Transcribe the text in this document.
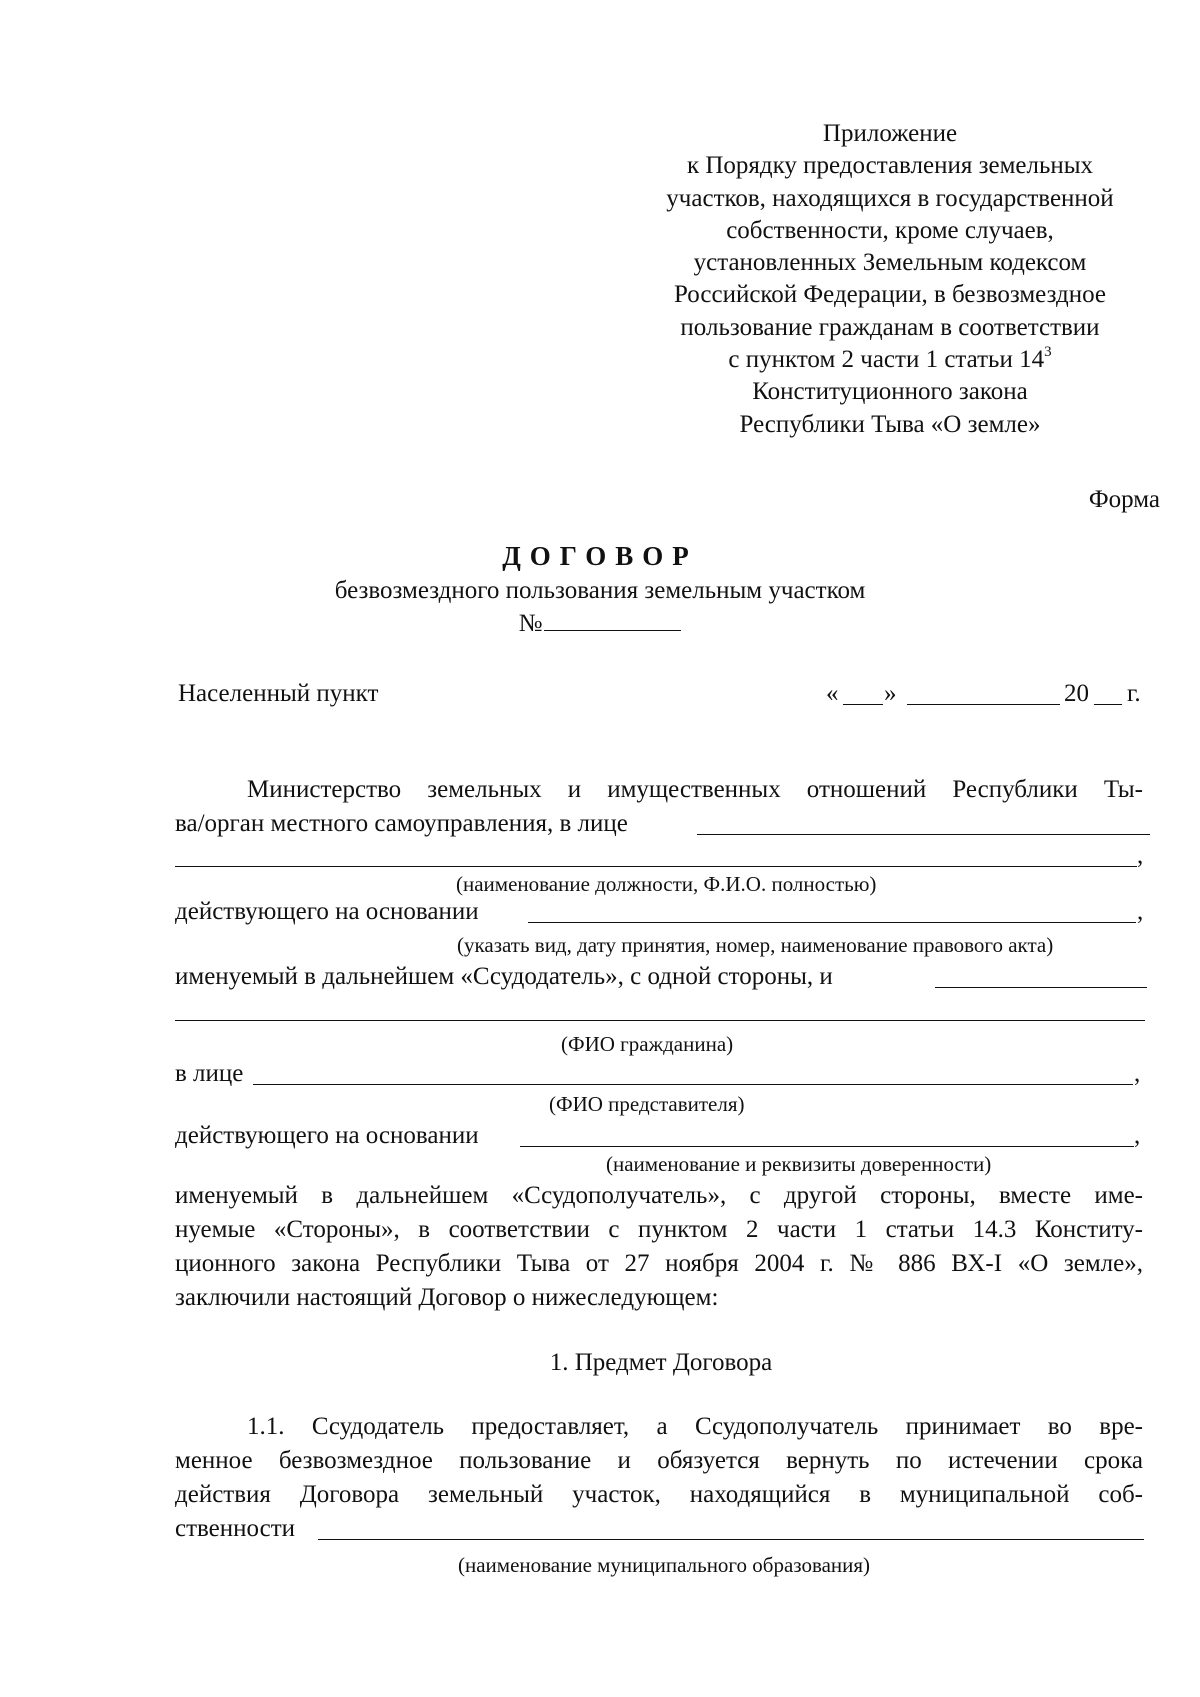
Приложение
к Порядку предоставления земельных
участков, находящихся в государственной
собственности, кроме случаев,
установленных Земельным кодексом
Российской Федерации, в безвозмездное
пользование гражданам в соответствии
с пунктом 2 части 1 статьи $14^3$
Конституционного закона
Республики Тыва «О земле»
Форма
ДОГОВОР
безвозмездного пользования земельным участком
№
Населенный пункт	« »	20 г.
Министерство земельных и имущественных отношений Республики Ты-
ва/орган местного самоуправления, в лице
,
(наименование должности, Ф.И.О. полностью)
действующего на основании	,
(указать вид, дату принятия, номер, наименование правового акта)
именуемый в дальнейшем «Ссудодатель», с одной стороны, и
(ФИО гражданина)
в лице	,
(ФИО представителя)
действующего на основании	,
(наименование и реквизиты доверенности)
именуемый в дальнейшем «Ссудополучатель», с другой стороны, вместе име-
нуемые «Стороны», в соответствии с пунктом 2 части 1 статьи 14.3 Конститу-
ционного закона Республики Тыва от 27 ноября 2004 г. № 886 ВХ-I «О земле»,
заключили настоящий Договор о нижеследующем:
1. Предмет Договора
1.1. Ссудодатель предоставляет, а Ссудополучатель принимает во вре-
менное безвозмездное пользование и обязуется вернуть по истечении срока
действия Договора земельный участок, находящийся в муниципальной соб-
ственности
(наименование муниципального образования)
